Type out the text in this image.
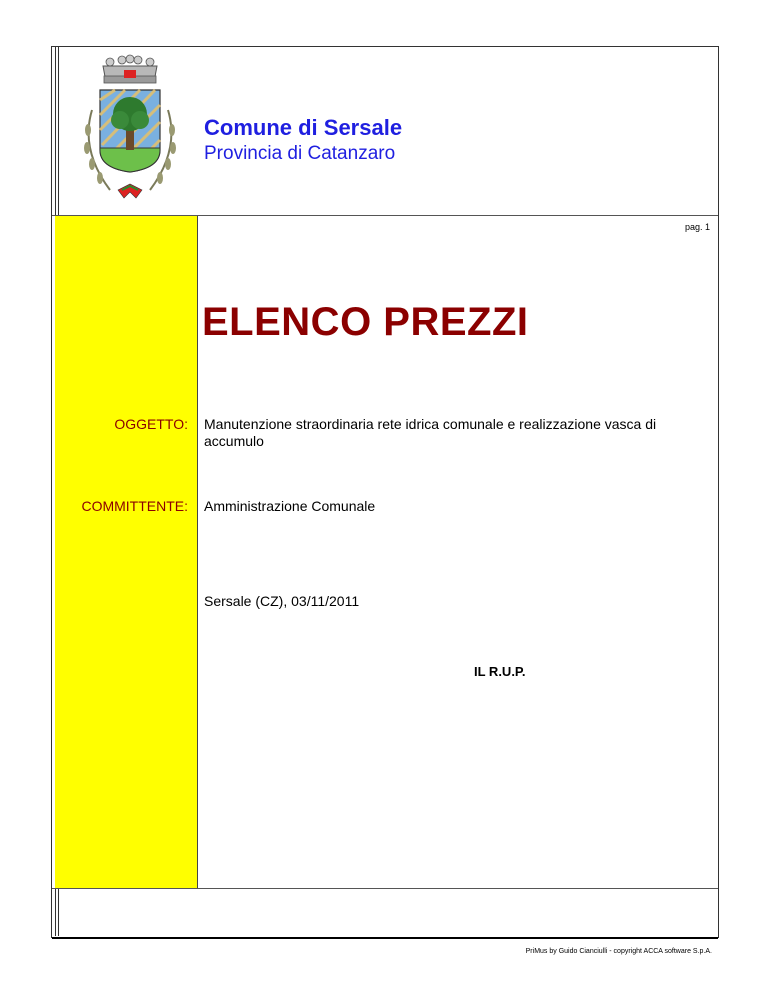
Comune di Sersale
Provincia di Catanzaro
pag. 1
ELENCO PREZZI
OGGETTO: Manutenzione straordinaria rete idrica comunale e realizzazione vasca di accumulo
COMMITTENTE: Amministrazione Comunale
Sersale (CZ), 03/11/2011
IL R.U.P.
PriMus by Guido Cianciulli - copyright ACCA software S.p.A.
